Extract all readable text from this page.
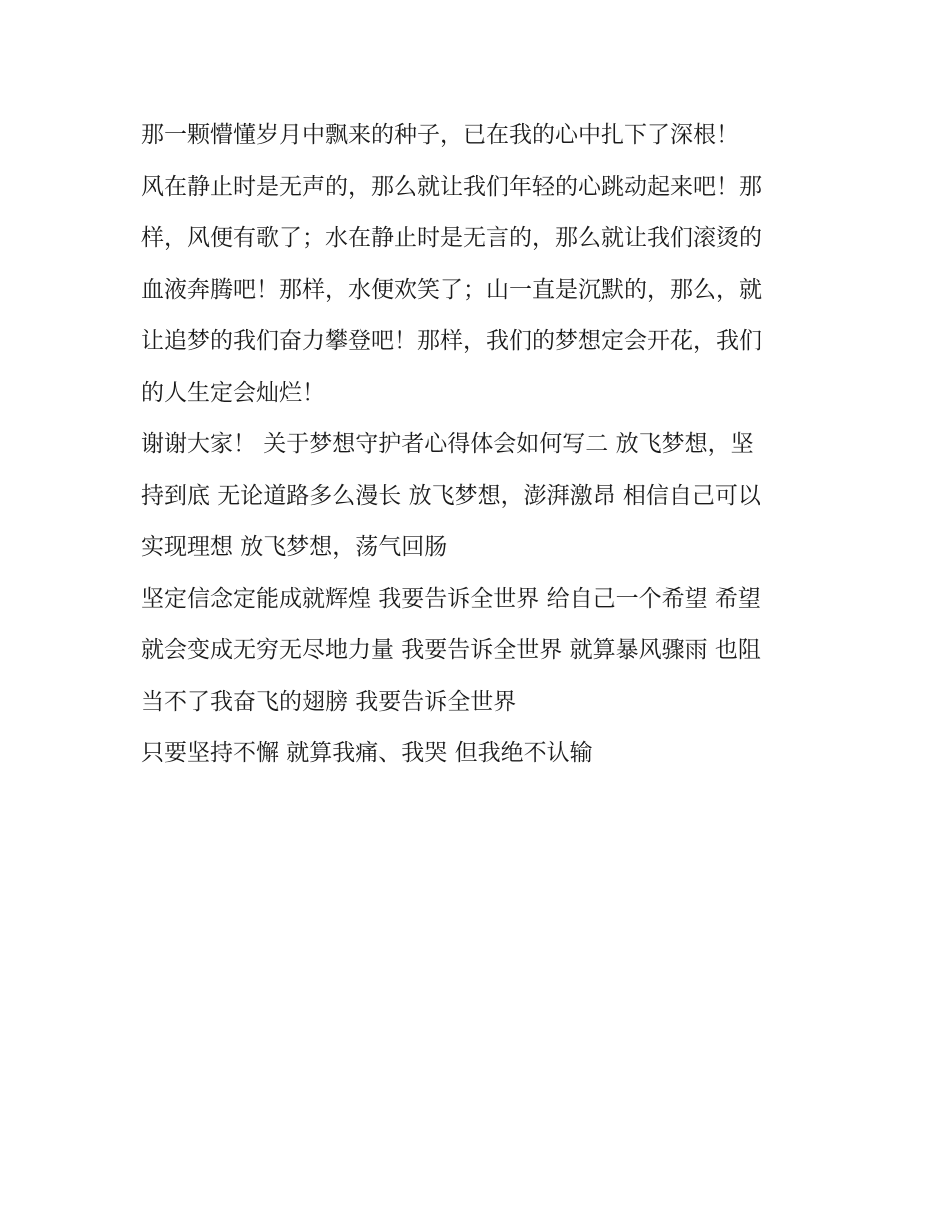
那一颗懵懂岁月中飘来的种子，已在我的心中扎下了深根！
风在静止时是无声的，那么就让我们年轻的心跳动起来吧！那
样，风便有歌了；水在静止时是无言的，那么就让我们滚烫的
血液奔腾吧！那样，水便欢笑了；山一直是沉默的，那么，就
让追梦的我们奋力攀登吧！那样，我们的梦想定会开花，我们
的人生定会灿烂！
谢谢大家！ 关于梦想守护者心得体会如何写二 放飞梦想，坚
持到底 无论道路多么漫长 放飞梦想，澎湃激昂 相信自己可以
实现理想 放飞梦想，荡气回肠
坚定信念定能成就辉煌 我要告诉全世界 给自己一个希望 希望
就会变成无穷无尽地力量 我要告诉全世界 就算暴风骤雨 也阻
当不了我奋飞的翅膀 我要告诉全世界
只要坚持不懈 就算我痛、我哭 但我绝不认输
